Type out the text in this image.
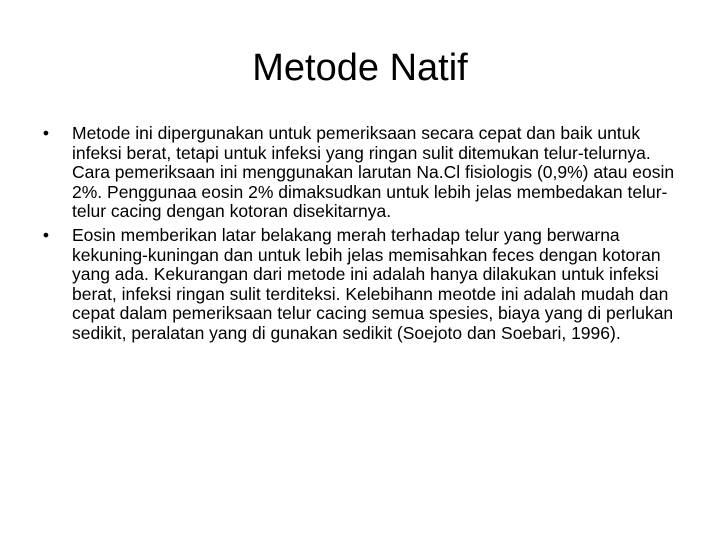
Metode Natif
•	Metode ini dipergunakan untuk pemeriksaan secara cepat dan baik untuk infeksi berat, tetapi untuk infeksi yang ringan sulit ditemukan telur-telurnya. Cara pemeriksaan ini menggunakan larutan Na.Cl fisiologis (0,9%) atau eosin 2%. Penggunaa eosin 2% dimaksudkan untuk lebih jelas membedakan telur-telur cacing dengan kotoran disekitarnya.
•	Eosin memberikan latar belakang merah terhadap telur yang berwarna kekuning-kuningan dan untuk lebih jelas memisahkan feces dengan kotoran yang ada. Kekurangan dari metode ini adalah hanya dilakukan untuk infeksi berat, infeksi ringan sulit terditeksi. Kelebihann meotde ini adalah mudah dan cepat dalam pemeriksaan telur cacing semua spesies, biaya yang di perlukan sedikit, peralatan yang di gunakan sedikit (Soejoto dan Soebari, 1996).
